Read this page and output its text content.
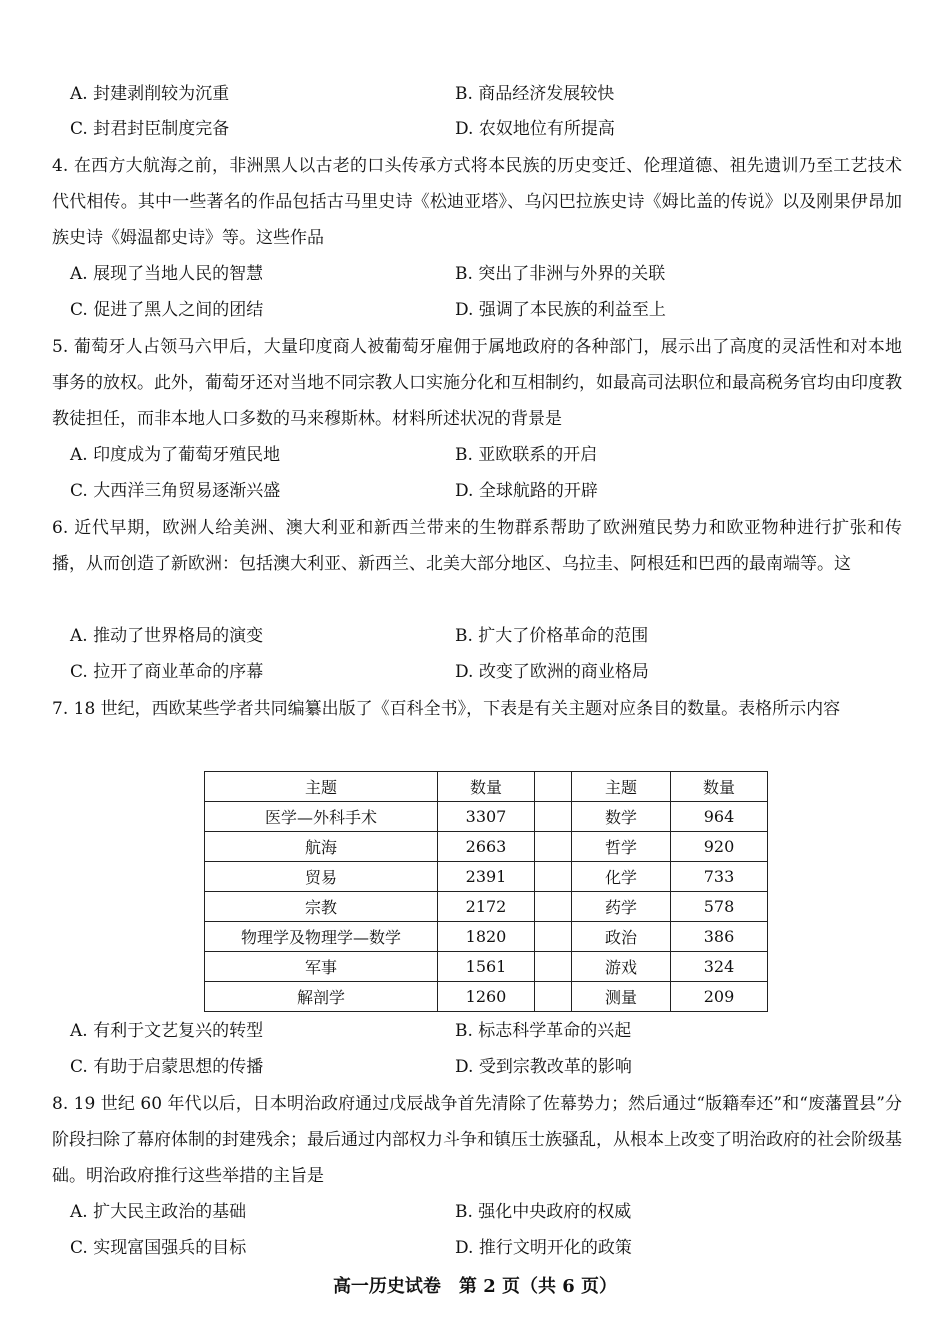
A. 封建剥削较为沉重	B. 商品经济发展较快
C. 封君封臣制度完备	D. 农奴地位有所提高
4. 在西方大航海之前，非洲黑人以古老的口头传承方式将本民族的历史变迁、伦理道德、祖先遗训乃至工艺技术代代相传。其中一些著名的作品包括古马里史诗《松迪亚塔》、乌闪巴拉族史诗《姆比盖的传说》以及刚果伊昂加族史诗《姆温都史诗》等。这些作品
A. 展现了当地人民的智慧	B. 突出了非洲与外界的关联
C. 促进了黑人之间的团结	D. 强调了本民族的利益至上
5. 葡萄牙人占领马六甲后，大量印度商人被葡萄牙雇佣于属地政府的各种部门，展示出了高度的灵活性和对本地事务的放权。此外，葡萄牙还对当地不同宗教人口实施分化和互相制约，如最高司法职位和最高税务官均由印度教教徒担任，而非本地人口多数的马来穆斯林。材料所述状况的背景是
A. 印度成为了葡萄牙殖民地	B. 亚欧联系的开启
C. 大西洋三角贸易逐渐兴盛	D. 全球航路的开辟
6. 近代早期，欧洲人给美洲、澳大利亚和新西兰带来的生物群系帮助了欧洲殖民势力和欧亚物种进行扩张和传播，从而创造了新欧洲：包括澳大利亚、新西兰、北美大部分地区、乌拉圭、阿根廷和巴西的最南端等。这
A. 推动了世界格局的演变	B. 扩大了价格革命的范围
C. 拉开了商业革命的序幕	D. 改变了欧洲的商业格局
7. 18 世纪，西欧某些学者共同编纂出版了《百科全书》，下表是有关主题对应条目的数量。表格所示内容
主题	数量		主题	数量
医学—外科手术	3307		数学	964
航海	2663		哲学	920
贸易	2391		化学	733
宗教	2172		药学	578
物理学及物理学—数学	1820		政治	386
军事	1561		游戏	324
解剖学	1260		测量	209
A. 有利于文艺复兴的转型	B. 标志科学革命的兴起
C. 有助于启蒙思想的传播	D. 受到宗教改革的影响
8. 19 世纪 60 年代以后，日本明治政府通过戊辰战争首先清除了佐幕势力；然后通过“版籍奉还”和“废藩置县”分阶段扫除了幕府体制的封建残余；最后通过内部权力斗争和镇压士族骚乱，从根本上改变了明治政府的社会阶级基础。明治政府推行这些举措的主旨是
A. 扩大民主政治的基础	B. 强化中央政府的权威
C. 实现富国强兵的目标	D. 推行文明开化的政策
高一历史试卷　第 2 页（共 6 页）
